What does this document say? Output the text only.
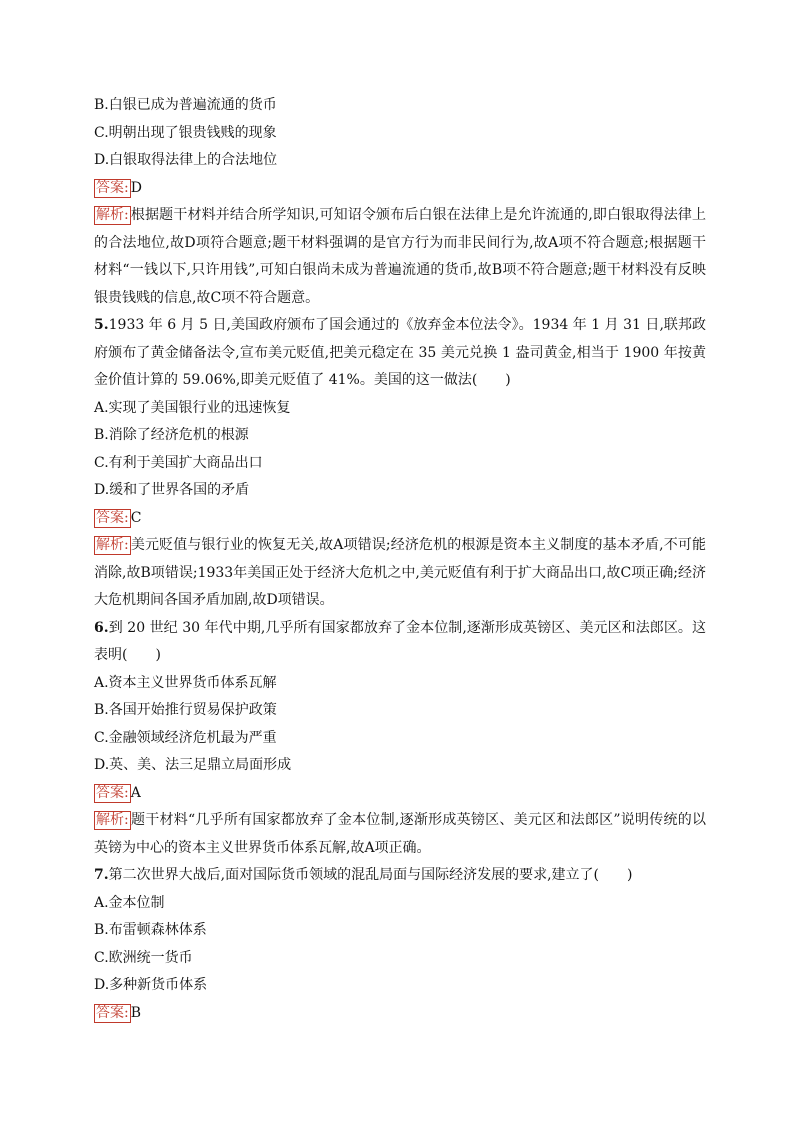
B.白银已成为普遍流通的货币
C.明朝出现了银贵钱贱的现象
D.白银取得法律上的合法地位
答案: D
解析: 根据题干材料并结合所学知识,可知诏令颁布后白银在法律上是允许流通的,即白银取得法律上的合法地位,故D项符合题意;题干材料强调的是官方行为而非民间行为,故A项不符合题意;根据题干材料“一钱以下,只许用钱”,可知白银尚未成为普遍流通的货币,故B项不符合题意;题干材料没有反映银贵钱贱的信息,故C项不符合题意。
5.1933 年 6 月 5 日,美国政府颁布了国会通过的《放弃金本位法令》。1934 年 1 月 31 日,联邦政府颁布了黄金储备法令,宣布美元贬值,把美元稳定在 35 美元兑换 1 盎司黄金,相当于 1900 年按黄金价值计算的 59.06%,即美元贬值了 41%。美国的这一做法(　　)
A.实现了美国银行业的迅速恢复
B.消除了经济危机的根源
C.有利于美国扩大商品出口
D.缓和了世界各国的矛盾
答案: C
解析: 美元贬值与银行业的恢复无关,故A项错误;经济危机的根源是资本主义制度的基本矛盾,不可能消除,故B项错误;1933年美国正处于经济大危机之中,美元贬值有利于扩大商品出口,故C项正确;经济大危机期间各国矛盾加剧,故D项错误。
6.到 20 世纪 30 年代中期,几乎所有国家都放弃了金本位制,逐渐形成英镑区、美元区和法郎区。这表明(　　)
A.资本主义世界货币体系瓦解
B.各国开始推行贸易保护政策
C.金融领域经济危机最为严重
D.英、美、法三足鼎立局面形成
答案: A
解析: 题干材料“几乎所有国家都放弃了金本位制,逐渐形成英镑区、美元区和法郎区”说明传统的以英镑为中心的资本主义世界货币体系瓦解,故A项正确。
7.第二次世界大战后,面对国际货币领域的混乱局面与国际经济发展的要求,建立了(　　)
A.金本位制
B.布雷顿森林体系
C.欧洲统一货币
D.多种新货币体系
答案: B
